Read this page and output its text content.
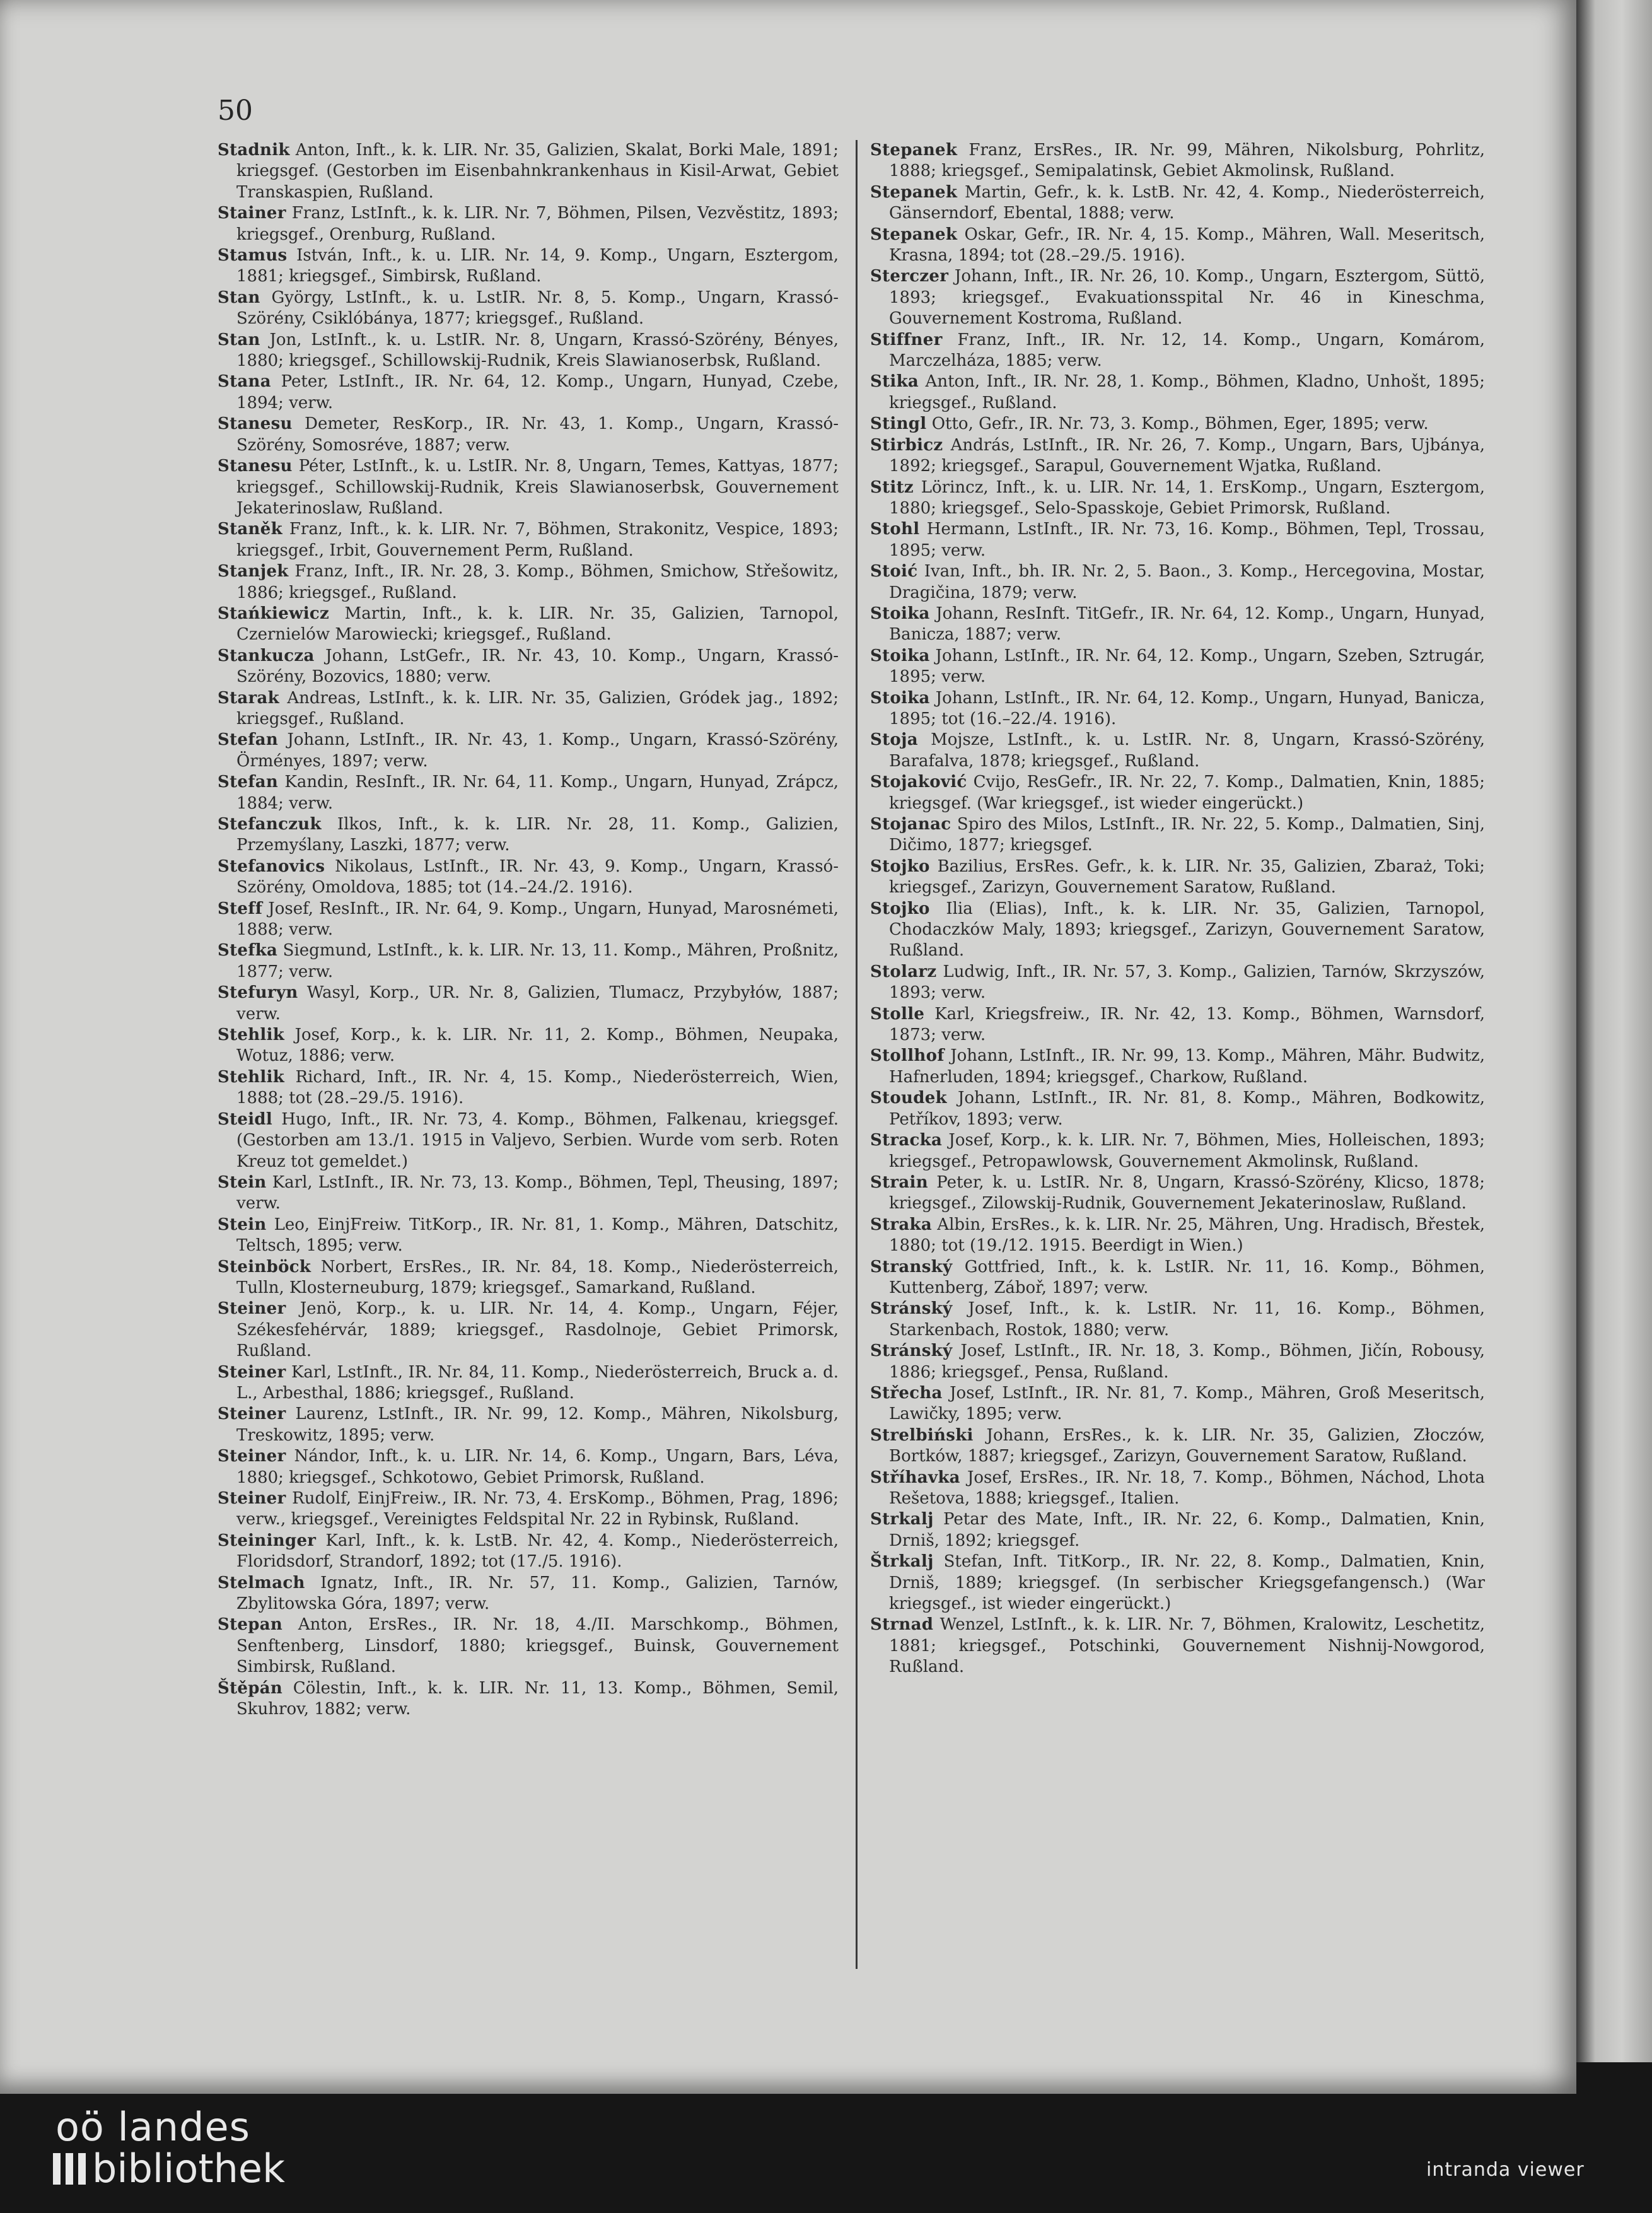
50
Stadnik Anton, Inft., k. k. LIR. Nr. 35, Galizien, Skalat, Borki Male, 1891; kriegsgef. (Gestorben im Eisenbahnkrankenhaus in Kisil-Arwat, Gebiet Transkaspien, Rußland.
Stainer Franz, LstInft., k. k. LIR. Nr. 7, Böhmen, Pilsen, Vezvěstitz, 1893; kriegsgef., Orenburg, Rußland.
Stamus István, Inft., k. u. LIR. Nr. 14, 9. Komp., Ungarn, Esztergom, 1881; kriegsgef., Simbirsk, Rußland.
Stan György, LstInft., k. u. LstIR. Nr. 8, 5. Komp., Ungarn, Krassó-Szörény, Csiklóbánya, 1877; kriegsgef., Rußland.
Stan Jon, LstInft., k. u. LstIR. Nr. 8, Ungarn, Krassó-Szörény, Bényes, 1880; kriegsgef., Schillowskij-Rudnik, Kreis Slawianoserbsk, Rußland.
Stana Peter, LstInft., IR. Nr. 64, 12. Komp., Ungarn, Hunyad, Czebe, 1894; verw.
Stanesu Demeter, ResKorp., IR. Nr. 43, 1. Komp., Ungarn, Krassó-Szörény, Somosréve, 1887; verw.
Stanesu Péter, LstInft., k. u. LstIR. Nr. 8, Ungarn, Temes, Kattyas, 1877; kriegsgef., Schillowskij-Rudnik, Kreis Slawianoserbsk, Gouvernement Jekaterinoslaw, Rußland.
Staněk Franz, Inft., k. k. LIR. Nr. 7, Böhmen, Strakonitz, Vespice, 1893; kriegsgef., Irbit, Gouvernement Perm, Rußland.
Stanjek Franz, Inft., IR. Nr. 28, 3. Komp., Böhmen, Smichow, Střešowitz, 1886; kriegsgef., Rußland.
Stańkiewicz Martin, Inft., k. k. LIR. Nr. 35, Galizien, Tarnopol, Czernielów Marowiecki; kriegsgef., Rußland.
Stankucza Johann, LstGefr., IR. Nr. 43, 10. Komp., Ungarn, Krassó-Szörény, Bozovics, 1880; verw.
Starak Andreas, LstInft., k. k. LIR. Nr. 35, Galizien, Gródek jag., 1892; kriegsgef., Rußland.
Stefan Johann, LstInft., IR. Nr. 43, 1. Komp., Ungarn, Krassó-Szörény, Örményes, 1897; verw.
Stefan Kandin, ResInft., IR. Nr. 64, 11. Komp., Ungarn, Hunyad, Zrápcz, 1884; verw.
Stefanczuk Ilkos, Inft., k. k. LIR. Nr. 28, 11. Komp., Galizien, Przemyślany, Laszki, 1877; verw.
Stefanovics Nikolaus, LstInft., IR. Nr. 43, 9. Komp., Ungarn, Krassó-Szörény, Omoldova, 1885; tot (14.–24./2. 1916).
Steff Josef, ResInft., IR. Nr. 64, 9. Komp., Ungarn, Hunyad, Marosnémeti, 1888; verw.
Stefka Siegmund, LstInft., k. k. LIR. Nr. 13, 11. Komp., Mähren, Proßnitz, 1877; verw.
Stefuryn Wasyl, Korp., UR. Nr. 8, Galizien, Tlumacz, Przybyłów, 1887; verw.
Stehlik Josef, Korp., k. k. LIR. Nr. 11, 2. Komp., Böhmen, Neupaka, Wotuz, 1886; verw.
Stehlik Richard, Inft., IR. Nr. 4, 15. Komp., Niederösterreich, Wien, 1888; tot (28.–29./5. 1916).
Steidl Hugo, Inft., IR. Nr. 73, 4. Komp., Böhmen, Falkenau, kriegsgef. (Gestorben am 13./1. 1915 in Valjevo, Serbien. Wurde vom serb. Roten Kreuz tot gemeldet.)
Stein Karl, LstInft., IR. Nr. 73, 13. Komp., Böhmen, Tepl, Theusing, 1897; verw.
Stein Leo, EinjFreiw. TitKorp., IR. Nr. 81, 1. Komp., Mähren, Datschitz, Teltsch, 1895; verw.
Steinböck Norbert, ErsRes., IR. Nr. 84, 18. Komp., Niederösterreich, Tulln, Klosterneuburg, 1879; kriegsgef., Samarkand, Rußland.
Steiner Jenö, Korp., k. u. LIR. Nr. 14, 4. Komp., Ungarn, Féjer, Székesfehérvár, 1889; kriegsgef., Rasdolnoje, Gebiet Primorsk, Rußland.
Steiner Karl, LstInft., IR. Nr. 84, 11. Komp., Niederösterreich, Bruck a. d. L., Arbesthal, 1886; kriegsgef., Rußland.
Steiner Laurenz, LstInft., IR. Nr. 99, 12. Komp., Mähren, Nikolsburg, Treskowitz, 1895; verw.
Steiner Nándor, Inft., k. u. LIR. Nr. 14, 6. Komp., Ungarn, Bars, Léva, 1880; kriegsgef., Schkotowo, Gebiet Primorsk, Rußland.
Steiner Rudolf, EinjFreiw., IR. Nr. 73, 4. ErsKomp., Böhmen, Prag, 1896; verw., kriegsgef., Vereinigtes Feldspital Nr. 22 in Rybinsk, Rußland.
Steininger Karl, Inft., k. k. LstB. Nr. 42, 4. Komp., Niederösterreich, Floridsdorf, Strandorf, 1892; tot (17./5. 1916).
Stelmach Ignatz, Inft., IR. Nr. 57, 11. Komp., Galizien, Tarnów, Zbylitowska Góra, 1897; verw.
Stepan Anton, ErsRes., IR. Nr. 18, 4./II. Marschkomp., Böhmen, Senftenberg, Linsdorf, 1880; kriegsgef., Buinsk, Gouvernement Simbirsk, Rußland.
Štěpán Cölestin, Inft., k. k. LIR. Nr. 11, 13. Komp., Böhmen, Semil, Skuhrov, 1882; verw.
Stepanek Franz, ErsRes., IR. Nr. 99, Mähren, Nikolsburg, Pohrlitz, 1888; kriegsgef., Semipalatinsk, Gebiet Akmolinsk, Rußland.
Stepanek Martin, Gefr., k. k. LstB. Nr. 42, 4. Komp., Niederösterreich, Gänserndorf, Ebental, 1888; verw.
Stepanek Oskar, Gefr., IR. Nr. 4, 15. Komp., Mähren, Wall. Meseritsch, Krasna, 1894; tot (28.–29./5. 1916).
Sterczer Johann, Inft., IR. Nr. 26, 10. Komp., Ungarn, Esztergom, Süttö, 1893; kriegsgef., Evakuationsspital Nr. 46 in Kineschma, Gouvernement Kostroma, Rußland.
Stiffner Franz, Inft., IR. Nr. 12, 14. Komp., Ungarn, Komárom, Marczelháza, 1885; verw.
Stika Anton, Inft., IR. Nr. 28, 1. Komp., Böhmen, Kladno, Unhošt, 1895; kriegsgef., Rußland.
Stingl Otto, Gefr., IR. Nr. 73, 3. Komp., Böhmen, Eger, 1895; verw.
Stirbicz András, LstInft., IR. Nr. 26, 7. Komp., Ungarn, Bars, Ujbánya, 1892; kriegsgef., Sarapul, Gouvernement Wjatka, Rußland.
Stitz Lörincz, Inft., k. u. LIR. Nr. 14, 1. ErsKomp., Ungarn, Esztergom, 1880; kriegsgef., Selo-Spasskoje, Gebiet Primorsk, Rußland.
Stohl Hermann, LstInft., IR. Nr. 73, 16. Komp., Böhmen, Tepl, Trossau, 1895; verw.
Stoić Ivan, Inft., bh. IR. Nr. 2, 5. Baon., 3. Komp., Hercegovina, Mostar, Dragičina, 1879; verw.
Stoika Johann, ResInft. TitGefr., IR. Nr. 64, 12. Komp., Ungarn, Hunyad, Banicza, 1887; verw.
Stoika Johann, LstInft., IR. Nr. 64, 12. Komp., Ungarn, Szeben, Sztrugár, 1895; verw.
Stoika Johann, LstInft., IR. Nr. 64, 12. Komp., Ungarn, Hunyad, Banicza, 1895; tot (16.–22./4. 1916).
Stoja Mojsze, LstInft., k. u. LstIR. Nr. 8, Ungarn, Krassó-Szörény, Barafalva, 1878; kriegsgef., Rußland.
Stojaković Cvijo, ResGefr., IR. Nr. 22, 7. Komp., Dalmatien, Knin, 1885; kriegsgef. (War kriegsgef., ist wieder eingerückt.)
Stojanac Spiro des Milos, LstInft., IR. Nr. 22, 5. Komp., Dalmatien, Sinj, Dičimo, 1877; kriegsgef.
Stojko Bazilius, ErsRes. Gefr., k. k. LIR. Nr. 35, Galizien, Zbaraż, Toki; kriegsgef., Zarizyn, Gouvernement Saratow, Rußland.
Stojko Ilia (Elias), Inft., k. k. LIR. Nr. 35, Galizien, Tarnopol, Chodaczków Maly, 1893; kriegsgef., Zarizyn, Gouvernement Saratow, Rußland.
Stolarz Ludwig, Inft., IR. Nr. 57, 3. Komp., Galizien, Tarnów, Skrzyszów, 1893; verw.
Stolle Karl, Kriegsfreiw., IR. Nr. 42, 13. Komp., Böhmen, Warnsdorf, 1873; verw.
Stollhof Johann, LstInft., IR. Nr. 99, 13. Komp., Mähren, Mähr. Budwitz, Hafnerluden, 1894; kriegsgef., Charkow, Rußland.
Stoudek Johann, LstInft., IR. Nr. 81, 8. Komp., Mähren, Bodkowitz, Petříkov, 1893; verw.
Stracka Josef, Korp., k. k. LIR. Nr. 7, Böhmen, Mies, Holleischen, 1893; kriegsgef., Petropawlowsk, Gouvernement Akmolinsk, Rußland.
Strain Peter, k. u. LstIR. Nr. 8, Ungarn, Krassó-Szörény, Klicso, 1878; kriegsgef., Zilowskij-Rudnik, Gouvernement Jekaterinoslaw, Rußland.
Straka Albin, ErsRes., k. k. LIR. Nr. 25, Mähren, Ung. Hradisch, Břestek, 1880; tot (19./12. 1915. Beerdigt in Wien.)
Stranský Gottfried, Inft., k. k. LstIR. Nr. 11, 16. Komp., Böhmen, Kuttenberg, Záboř, 1897; verw.
Stránský Josef, Inft., k. k. LstIR. Nr. 11, 16. Komp., Böhmen, Starkenbach, Rostok, 1880; verw.
Stránský Josef, LstInft., IR. Nr. 18, 3. Komp., Böhmen, Jičín, Robousy, 1886; kriegsgef., Pensa, Rußland.
Střecha Josef, LstInft., IR. Nr. 81, 7. Komp., Mähren, Groß Meseritsch, Lawičky, 1895; verw.
Strelbiński Johann, ErsRes., k. k. LIR. Nr. 35, Galizien, Złoczów, Bortków, 1887; kriegsgef., Zarizyn, Gouvernement Saratow, Rußland.
Stříhavka Josef, ErsRes., IR. Nr. 18, 7. Komp., Böhmen, Náchod, Lhota Rešetova, 1888; kriegsgef., Italien.
Strkalj Petar des Mate, Inft., IR. Nr. 22, 6. Komp., Dalmatien, Knin, Drniš, 1892; kriegsgef.
Štrkalj Stefan, Inft. TitKorp., IR. Nr. 22, 8. Komp., Dalmatien, Knin, Drniš, 1889; kriegsgef. (In serbischer Kriegsgefangensch.) (War kriegsgef., ist wieder eingerückt.)
Strnad Wenzel, LstInft., k. k. LIR. Nr. 7, Böhmen, Kralowitz, Leschetitz, 1881; kriegsgef., Potschinki, Gouvernement Nishnij-Nowgorod, Rußland.
oö landes
bibliothek	intranda viewer
